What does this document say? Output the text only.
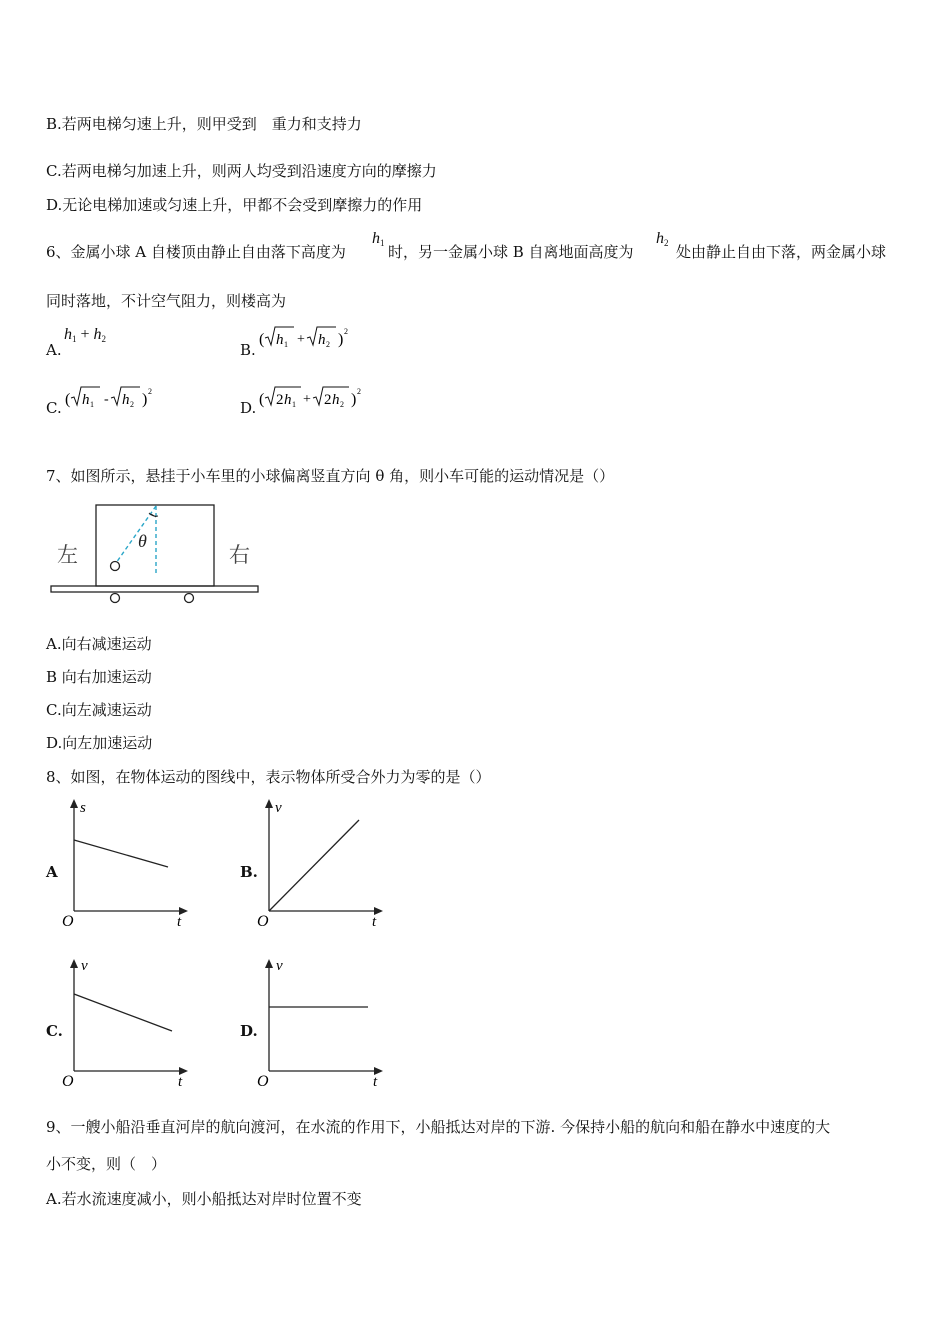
B.若两电梯匀速上升，则甲受到　重力和支持力
C.若两电梯匀加速上升，则两人均受到沿速度方向的摩擦力
D.无论电梯加速或匀速上升，甲都不会受到摩擦力的作用
6、金属小球 A 自楼顶由静止自由落下高度为
$h_1$ 时，另一金属小球 B 自离地面高度为
$h_2$ 处由静止自由下落，两金属小球
同时落地，不计空气阻力，则楼高为
A.
$h_1 + h_2$
B.
( h 1 + h 2 ) 2
C. ( h 1 - h 2 ) 2
D. ( 2 h 1 + 2 h 2 ) 2
7、如图所示，悬挂于小车里的小球偏离竖直方向 θ 角，则小车可能的运动情况是（）
θ
左	右
A.向右减速运动
B 向右加速运动
C.向左减速运动
D.向左加速运动
8、如图，在物体运动的图线中，表示物体所受合外力为零的是（）
A
s
t
O
B.
v
t
O
C.
v
t
O
D.
v
t
O
9、一艘小船沿垂直河岸的航向渡河，在水流的作用下，小船抵达对岸的下游. 今保持小船的航向和船在静水中速度的大
小不变，则（　）
A.若水流速度减小，则小船抵达对岸时位置不变
